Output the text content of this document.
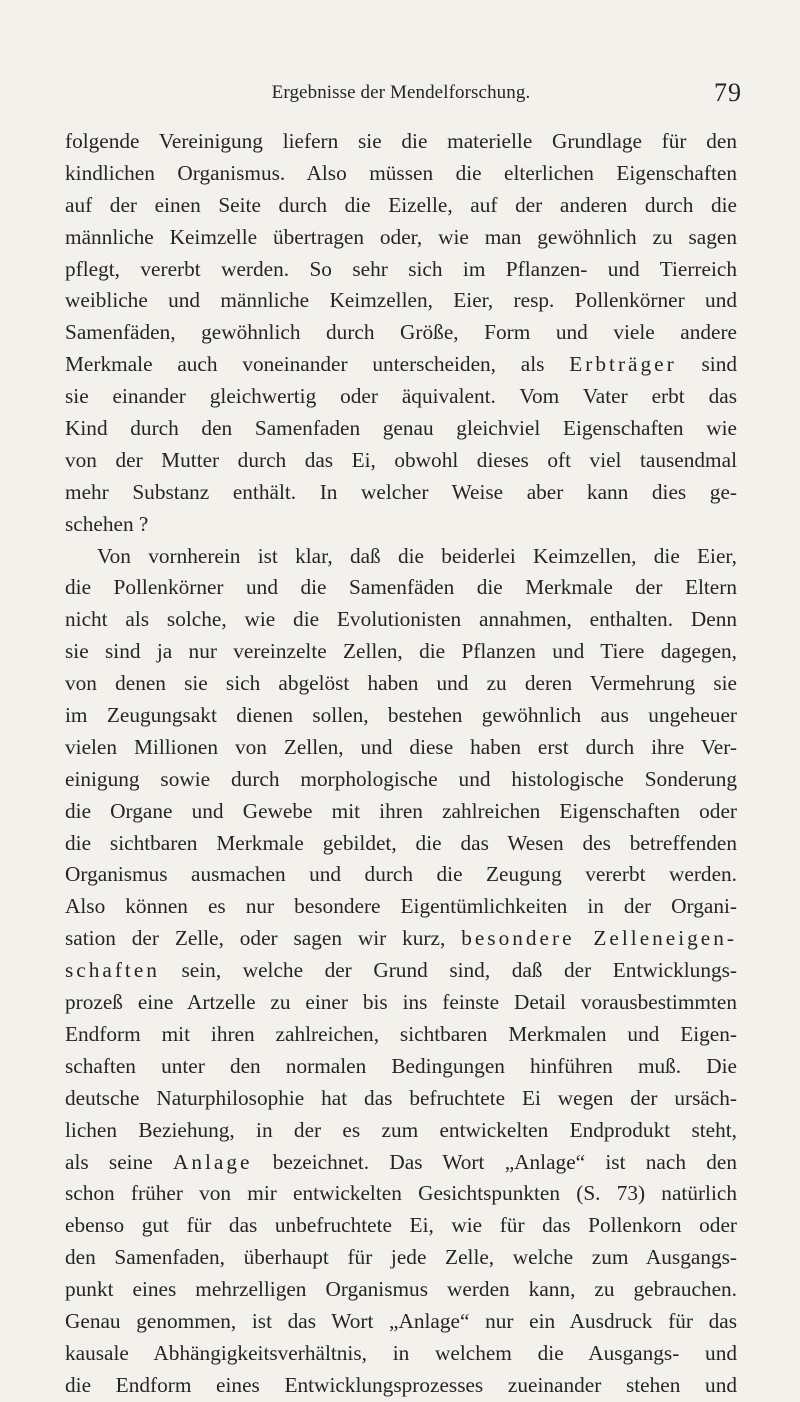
Ergebnisse der Mendelforschung.	79
folgende Vereinigung liefern sie die materielle Grundlage für den
kindlichen Organismus. Also müssen die elterlichen Eigenschaften
auf der einen Seite durch die Eizelle, auf der anderen durch die
männliche Keimzelle übertragen oder, wie man gewöhnlich zu sagen
pflegt, vererbt werden. So sehr sich im Pflanzen- und Tierreich
weibliche und männliche Keimzellen, Eier, resp. Pollenkörner und
Samenfäden, gewöhnlich durch Größe, Form und viele andere
Merkmale auch voneinander unterscheiden, als Erbträger sind
sie einander gleichwertig oder äquivalent. Vom Vater erbt das
Kind durch den Samenfaden genau gleichviel Eigenschaften wie
von der Mutter durch das Ei, obwohl dieses oft viel tausendmal
mehr Substanz enthält. In welcher Weise aber kann dies ge-
schehen ?
Von vornherein ist klar, daß die beiderlei Keimzellen, die Eier,
die Pollenkörner und die Samenfäden die Merkmale der Eltern
nicht als solche, wie die Evolutionisten annahmen, enthalten. Denn
sie sind ja nur vereinzelte Zellen, die Pflanzen und Tiere dagegen,
von denen sie sich abgelöst haben und zu deren Vermehrung sie
im Zeugungsakt dienen sollen, bestehen gewöhnlich aus ungeheuer
vielen Millionen von Zellen, und diese haben erst durch ihre Ver-
einigung sowie durch morphologische und histologische Sonderung
die Organe und Gewebe mit ihren zahlreichen Eigenschaften oder
die sichtbaren Merkmale gebildet, die das Wesen des betreffenden
Organismus ausmachen und durch die Zeugung vererbt werden.
Also können es nur besondere Eigentümlichkeiten in der Organi-
sation der Zelle, oder sagen wir kurz, besondere Zelleneigen-
schaften sein, welche der Grund sind, daß der Entwicklungs-
prozeß eine Artzelle zu einer bis ins feinste Detail vorausbestimmten
Endform mit ihren zahlreichen, sichtbaren Merkmalen und Eigen-
schaften unter den normalen Bedingungen hinführen muß. Die
deutsche Naturphilosophie hat das befruchtete Ei wegen der ursäch-
lichen Beziehung, in der es zum entwickelten Endprodukt steht,
als seine Anlage bezeichnet. Das Wort „Anlage“ ist nach den
schon früher von mir entwickelten Gesichtspunkten (S. 73) natürlich
ebenso gut für das unbefruchtete Ei, wie für das Pollenkorn oder
den Samenfaden, überhaupt für jede Zelle, welche zum Ausgangs-
punkt eines mehrzelligen Organismus werden kann, zu gebrauchen.
Genau genommen, ist das Wort „Anlage“ nur ein Ausdruck für das
kausale Abhängigkeitsverhältnis, in welchem die Ausgangs- und
die Endform eines Entwicklungsprozesses zueinander stehen und
